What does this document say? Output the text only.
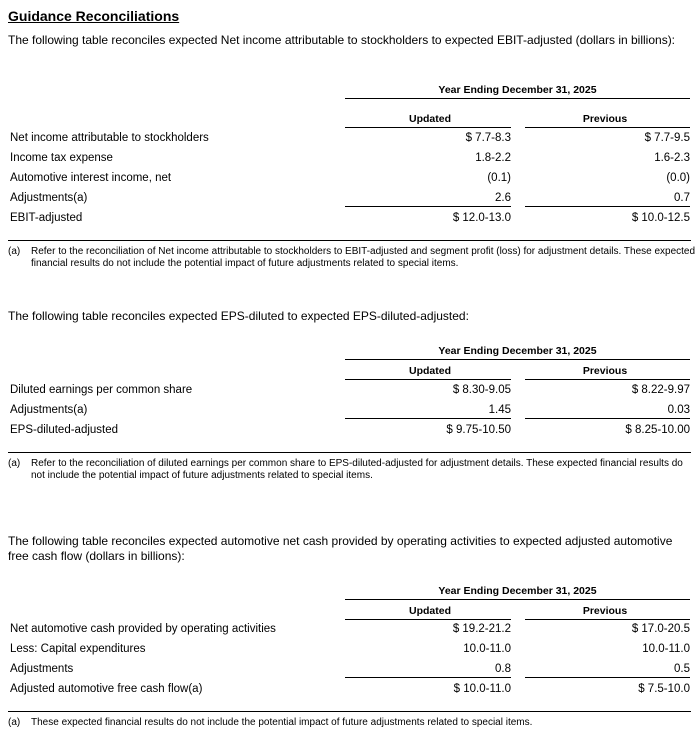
Guidance Reconciliations
The following table reconciles expected Net income attributable to stockholders to expected EBIT-adjusted (dollars in billions):
Year Ending December 31, 2025
Updated	Previous
Net income attributable to stockholders	$ 7.7-8.3	$ 7.7-9.5
Income tax expense	1.8-2.2	1.6-2.3
Automotive interest income, net	(0.1)	(0.0)
Adjustments(a)	2.6	0.7
EBIT-adjusted	$ 12.0-13.0	$ 10.0-12.5
(a) Refer to the reconciliation of Net income attributable to stockholders to EBIT-adjusted and segment profit (loss) for adjustment details. These expected financial results do not include the potential impact of future adjustments related to special items.
The following table reconciles expected EPS-diluted to expected EPS-diluted-adjusted:
Year Ending December 31, 2025
Updated	Previous
Diluted earnings per common share	$ 8.30-9.05	$ 8.22-9.97
Adjustments(a)	1.45	0.03
EPS-diluted-adjusted	$ 9.75-10.50	$ 8.25-10.00
(a) Refer to the reconciliation of diluted earnings per common share to EPS-diluted-adjusted for adjustment details. These expected financial results do not include the potential impact of future adjustments related to special items.
The following table reconciles expected automotive net cash provided by operating activities to expected adjusted automotive free cash flow (dollars in billions):
Year Ending December 31, 2025
Updated	Previous
Net automotive cash provided by operating activities	$ 19.2-21.2	$ 17.0-20.5
Less: Capital expenditures	10.0-11.0	10.0-11.0
Adjustments	0.8	0.5
Adjusted automotive free cash flow(a)	$ 10.0-11.0	$ 7.5-10.0
(a) These expected financial results do not include the potential impact of future adjustments related to special items.
